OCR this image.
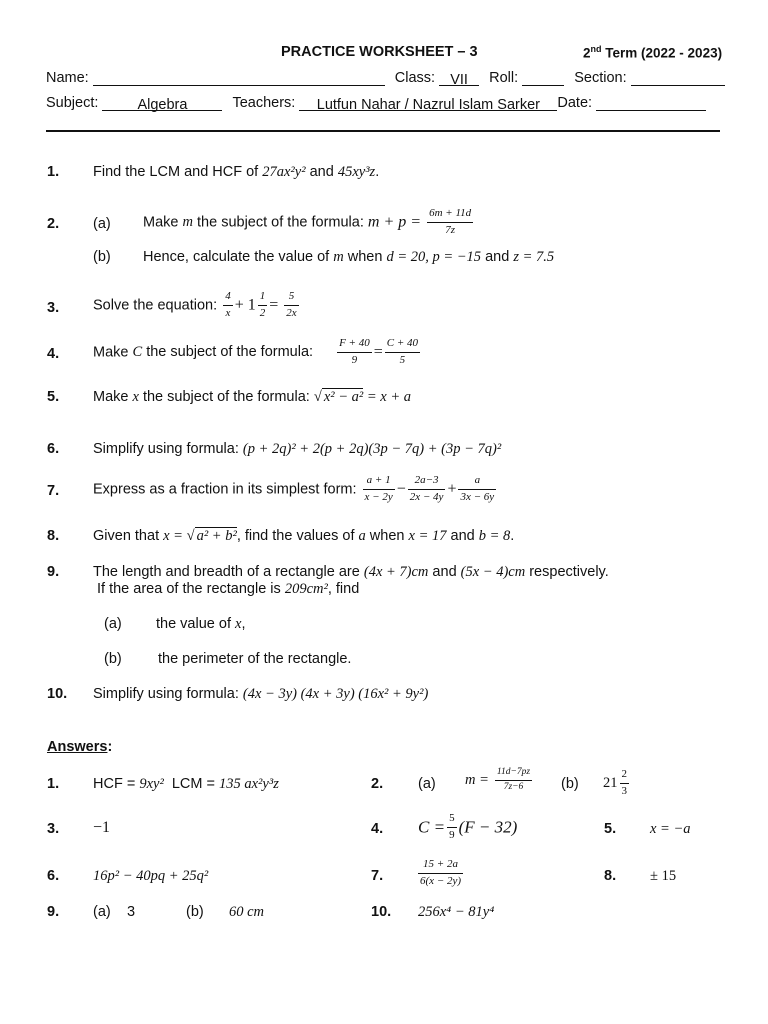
PRACTICE WORKSHEET – 3	2nd Term (2022 - 2023)
Name:	Class: VII Roll:	Section:
Subject:	Algebra	Teachers: Lutfun Nahar / Nazrul Islam Sarker Date:
1. Find the LCM and HCF of 27ax²y² and 45xy³z.
2. (a) Make m the subject of the formula: $m + p = \frac{6m + 11d}{7z}$
(b) Hence, calculate the value of m when d = 20, p = −15 and z = 7.5
3. Solve the equation: $\frac{4}{x} + 1 \frac{1}{2} = \frac{5}{2x}$
4. Make C the subject of the formula: $\frac{F + 40}{9} = \frac{C + 40}{5}$
5. Make x the subject of the formula: √ x² − a² = x + a
6. Simplify using formula: (p + 2q)² + 2(p + 2q)(3p − 7q) + (3p − 7q)²
7. Express as a fraction in its simplest form: $\frac{a + 1}{x - 2y} - \frac{2a-3}{2x - 4y} + \frac{a}{3x - 6y}$
8. Given that x = √ a² + b², find the values of a when x = 17 and b = 8.
9. The length and breadth of a rectangle are (4x + 7)cm and (5x − 4)cm respectively.
If the area of the rectangle is 209cm², find
(a) the value of x,
(b)	the perimeter of the rectangle.
10. Simplify using formula: (4x − 3y) (4x + 3y) (16x² + 9y²)
Answers:
1. HCF = 9xy²  LCM = 135 ax²y³z	2. (a) $m = \frac{11d-7pz}{7z-6} (b)$ $21 \frac{2}{3}$
3. −1	4. $C = \frac{5}{9} (F - 32)$	5. x = −a
6. 16p² − 40pq + 25q²	7.	$\frac{15 + 2a}{6(x - 2y)}$	8. ± 15
9. (a) 3	(b) 60 cm	10. 256x⁴ − 81y⁴
